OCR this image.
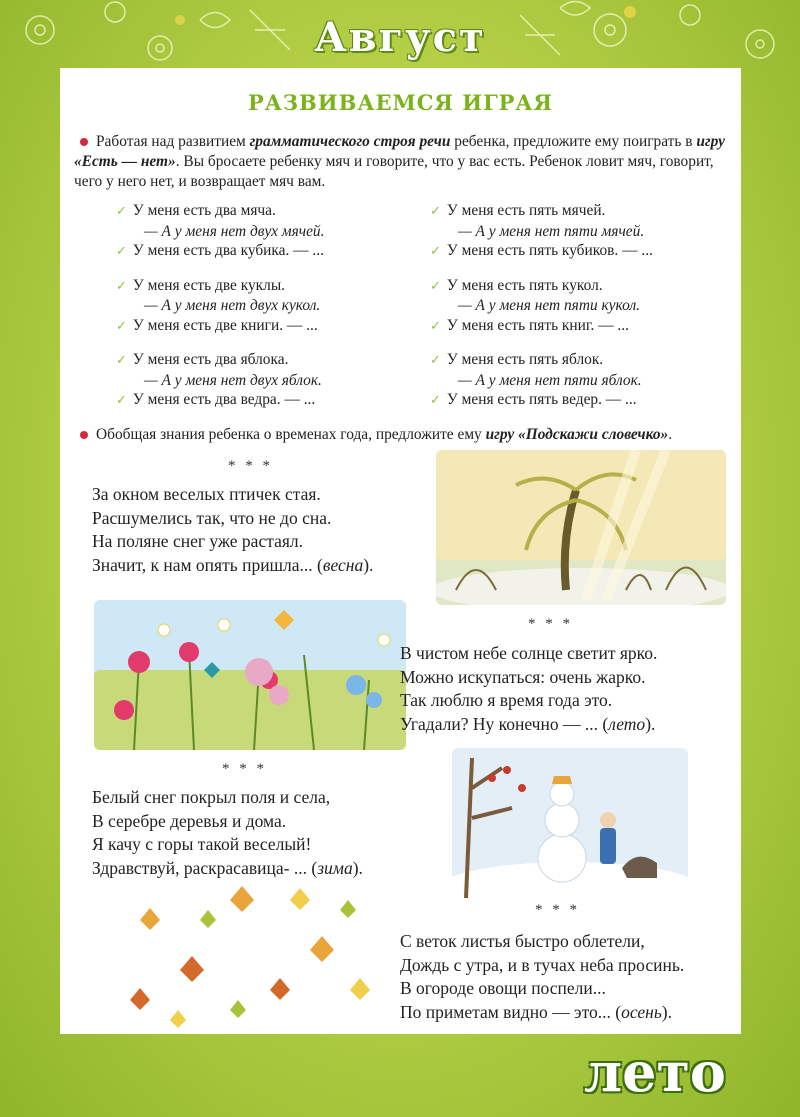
Август
РАЗВИВАЕМСЯ ИГРАЯ
Работая над развитием грамматического строя речи ребенка, предложите ему поиграть в игру «Есть — нет». Вы бросаете ребенку мяч и говорите, что у вас есть. Ребенок ловит мяч, говорит, чего у него нет, и возвращает мяч вам.
✓ У меня есть два мяча.
— А у меня нет двух мячей.
✓ У меня есть два кубика. — ...
✓ У меня есть две куклы.
— А у меня нет двух кукол.
✓ У меня есть две книги. — ...
✓ У меня есть два яблока.
— А у меня нет двух яблок.
✓ У меня есть два ведра. — ...
✓ У меня есть пять мячей.
— А у меня нет пяти мячей.
✓ У меня есть пять кубиков. — ...
✓ У меня есть пять кукол.
— А у меня нет пяти кукол.
✓ У меня есть пять книг. — ...
✓ У меня есть пять яблок.
— А у меня нет пяти яблок.
✓ У меня есть пять ведер. — ...
Обобщая знания ребенка о временах года, предложите ему игру «Подскажи словечко».
* * *
За окном веселых птичек стая.
Расшумелись так, что не до сна.
На поляне снег уже растаял.
Значит, к нам опять пришла... (весна).
* * *
В чистом небе солнце светит ярко.
Можно искупаться: очень жарко.
Так люблю я время года это.
Угадали? Ну конечно — ... (лето).
* * *
Белый снег покрыл поля и села,
В серебре деревья и дома.
Я качу с горы такой веселый!
Здравствуй, раскрасавица- ... (зима).
* * *
С веток листья быстро облетели,
Дождь с утра, и в тучах неба просинь.
В огороде овощи поспели...
По приметам видно — это... (осень).
лето
